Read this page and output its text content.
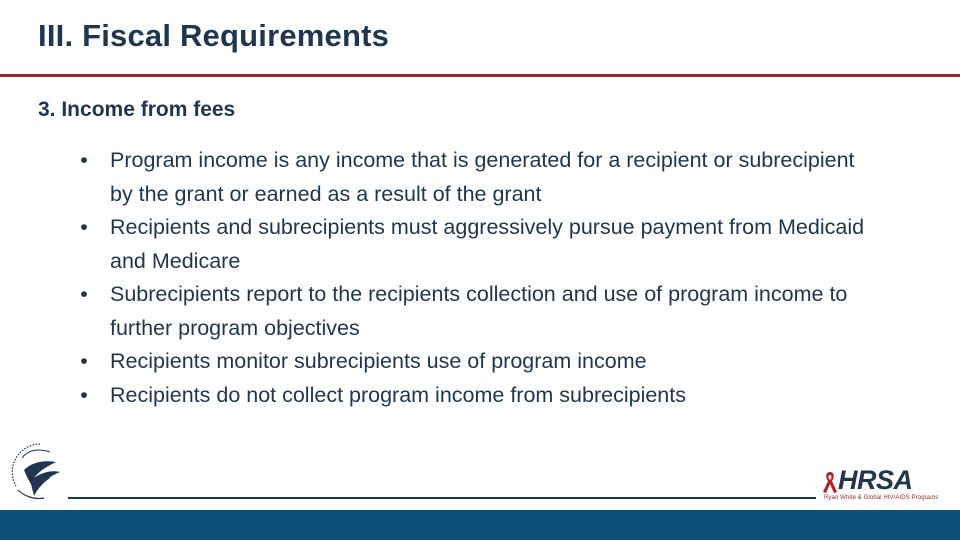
III. Fiscal Requirements
3. Income from fees
• Program income is any income that is generated for a recipient or subrecipient by the grant or earned as a result of the grant
• Recipients and subrecipients must aggressively pursue payment from Medicaid and Medicare
• Subrecipients report to the recipients collection and use of program income to further program objectives
• Recipients monitor subrecipients use of program income
• Recipients do not collect program income from subrecipients
HRSA
Ryan White & Global HIV/AIDS Programs
